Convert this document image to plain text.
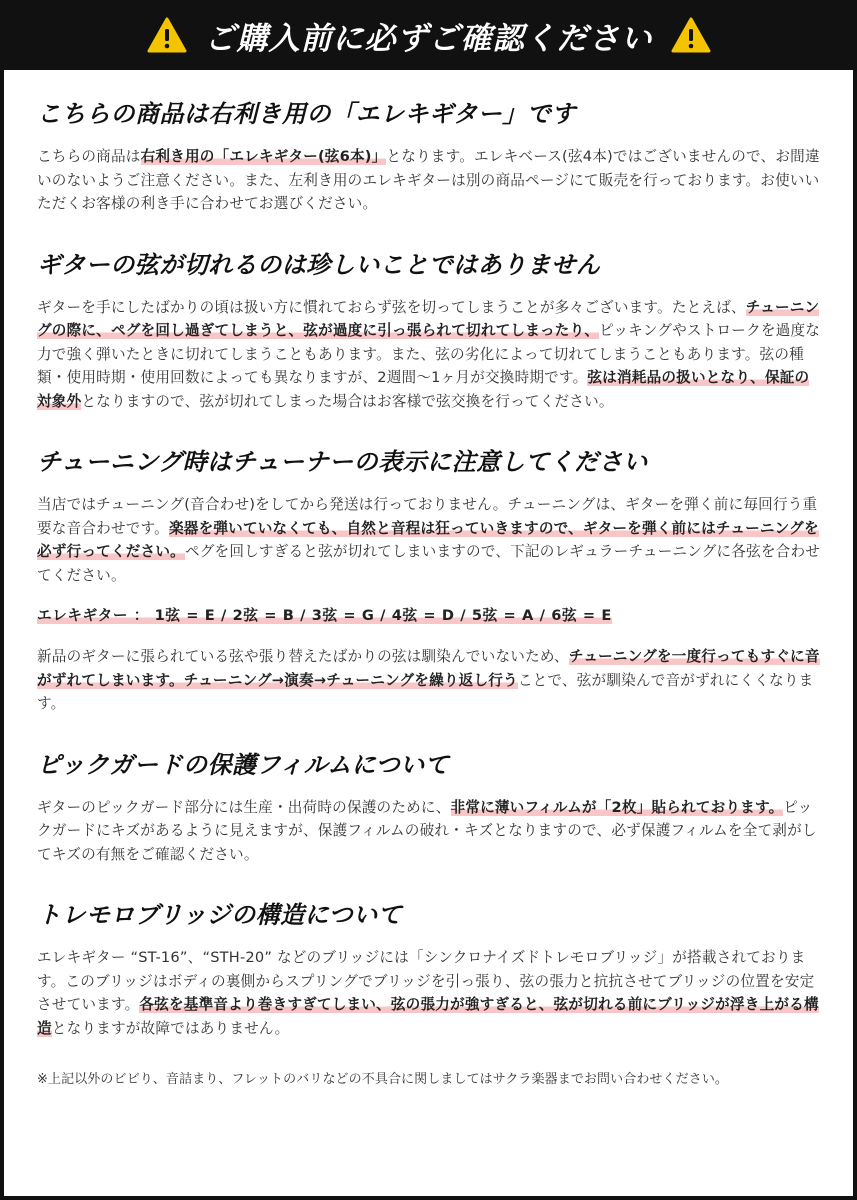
ご購入前に必ずご確認ください
こちらの商品は右利き用の「エレキギター」です

こちらの商品は右利き用の「エレキギター(弦6本)」となります。エレキベース(弦4本)ではございませんので、お間違いのないようご注意ください。また、左利き用のエレキギターは別の商品ページにて販売を行っております。お使いいただくお客様の利き手に合わせてお選びください。

ギターの弦が切れるのは珍しいことではありません

ギターを手にしたばかりの頃は扱い方に慣れておらず弦を切ってしまうことが多々ございます。たとえば、チューニングの際に、ペグを回し過ぎてしまうと、弦が過度に引っ張られて切れてしまったり、ピッキングやストロークを過度な力で強く弾いたときに切れてしまうこともあります。また、弦の劣化によって切れてしまうこともあります。弦の種類・使用時期・使用回数によっても異なりますが、2週間〜1ヶ月が交換時期です。弦は消耗品の扱いとなり、保証の対象外となりますので、弦が切れてしまった場合はお客様で弦交換を行ってください。

チューニング時はチューナーの表示に注意してください

当店ではチューニング(音合わせ)をしてから発送は行っておりません。チューニングは、ギターを弾く前に毎回行う重要な音合わせです。楽器を弾いていなくても、自然と音程は狂っていきますので、ギターを弾く前にはチューニングを必ず行ってください。ペグを回しすぎると弦が切れてしまいますので、下記のレギュラーチューニングに各弦を合わせてください。

エレキギター ： 1弦 = E / 2弦 = B / 3弦 = G / 4弦 = D / 5弦 = A / 6弦 = E

新品のギターに張られている弦や張り替えたばかりの弦は馴染んでいないため、チューニングを一度行ってもすぐに音がずれてしまいます。チューニング→演奏→チューニングを繰り返し行うことで、弦が馴染んで音がずれにくくなります。

ピックガードの保護フィルムについて

ギターのピックガード部分には生産・出荷時の保護のために、非常に薄いフィルムが「2枚」貼られております。ピックガードにキズがあるように見えますが、保護フィルムの破れ・キズとなりますので、必ず保護フィルムを全て剥がしてキズの有無をご確認ください。

トレモロブリッジの構造について

エレキギター “ST-16”、“STH-20” などのブリッジには「シンクロナイズドトレモロブリッジ」が搭載されております。このブリッジはボディの裏側からスプリングでブリッジを引っ張り、弦の張力と抗抗させてブリッジの位置を安定させています。各弦を基準音より巻きすぎてしまい、弦の張力が強すぎると、弦が切れる前にブリッジが浮き上がる構造となりますが故障ではありません。

※上記以外のビビり、音詰まり、フレットのバリなどの不具合に関しましてはサクラ楽器までお問い合わせください。
